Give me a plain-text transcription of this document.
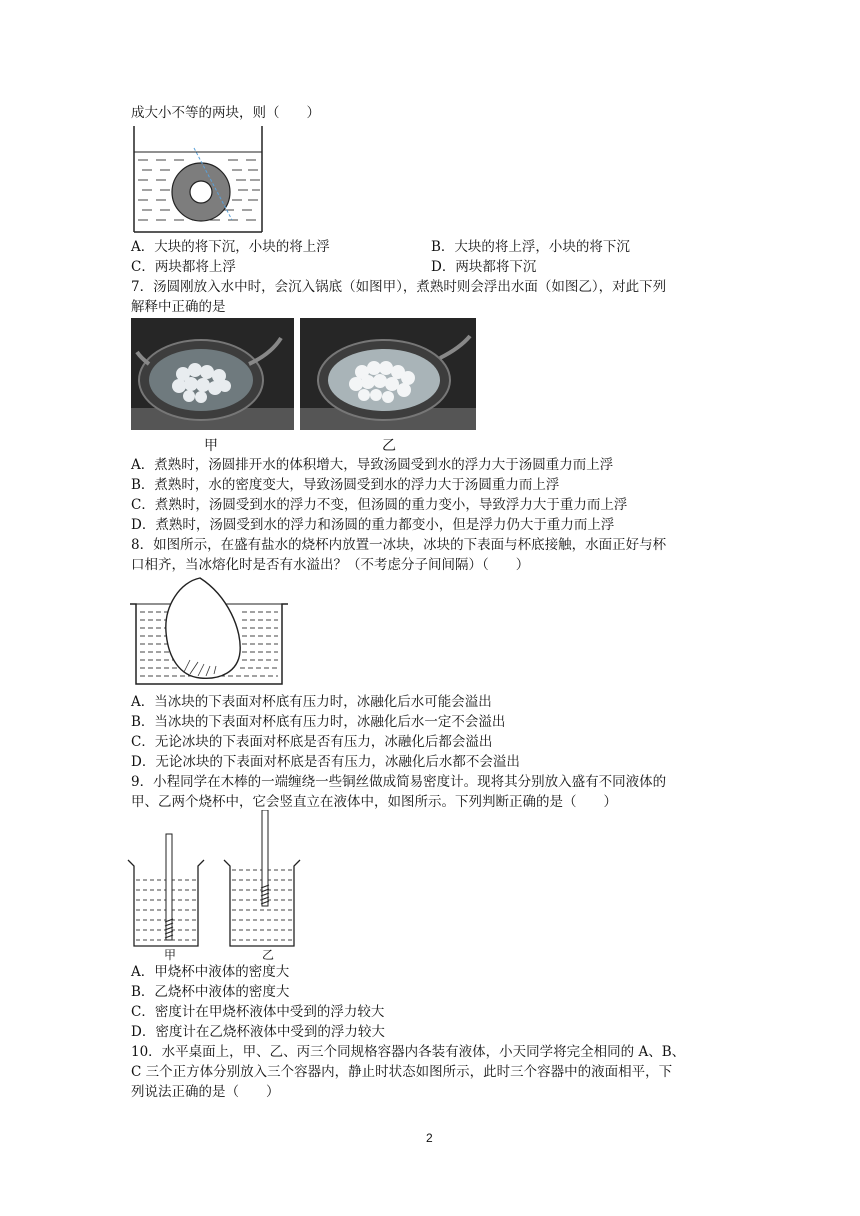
成大小不等的两块，则（　　）
A．大块的将下沉，小块的将上浮	B．大块的将上浮，小块的将下沉
C．两块都将上浮	D．两块都将下沉
7．汤圆刚放入水中时，会沉入锅底（如图甲），煮熟时则会浮出水面（如图乙），对此下列
解释中正确的是
甲	乙
A．煮熟时，汤圆排开水的体积增大，导致汤圆受到水的浮力大于汤圆重力而上浮
B．煮熟时，水的密度变大，导致汤圆受到水的浮力大于汤圆重力而上浮
C．煮熟时，汤圆受到水的浮力不变，但汤圆的重力变小，导致浮力大于重力而上浮
D．煮熟时，汤圆受到水的浮力和汤圆的重力都变小，但是浮力仍大于重力而上浮
8．如图所示，在盛有盐水的烧杯内放置一冰块，冰块的下表面与杯底接触，水面正好与杯
口相齐，当冰熔化时是否有水溢出？（不考虑分子间间隔）（　　）
A．当冰块的下表面对杯底有压力时，冰融化后水可能会溢出
B．当冰块的下表面对杯底有压力时，冰融化后水一定不会溢出
C．无论冰块的下表面对杯底是否有压力，冰融化后都会溢出
D．无论冰块的下表面对杯底是否有压力，冰融化后水都不会溢出
9．小程同学在木棒的一端缠绕一些铜丝做成简易密度计。现将其分别放入盛有不同液体的
甲、乙两个烧杯中，它会竖直立在液体中，如图所示。下列判断正确的是（　　）
甲	乙
A．甲烧杯中液体的密度大
B．乙烧杯中液体的密度大
C．密度计在甲烧杯液体中受到的浮力较大
D．密度计在乙烧杯液体中受到的浮力较大
10．水平桌面上，甲、乙、丙三个同规格容器内各装有液体，小天同学将完全相同的 A、B、
C 三个正方体分别放入三个容器内，静止时状态如图所示，此时三个容器中的液面相平，下
列说法正确的是（　　）
2
